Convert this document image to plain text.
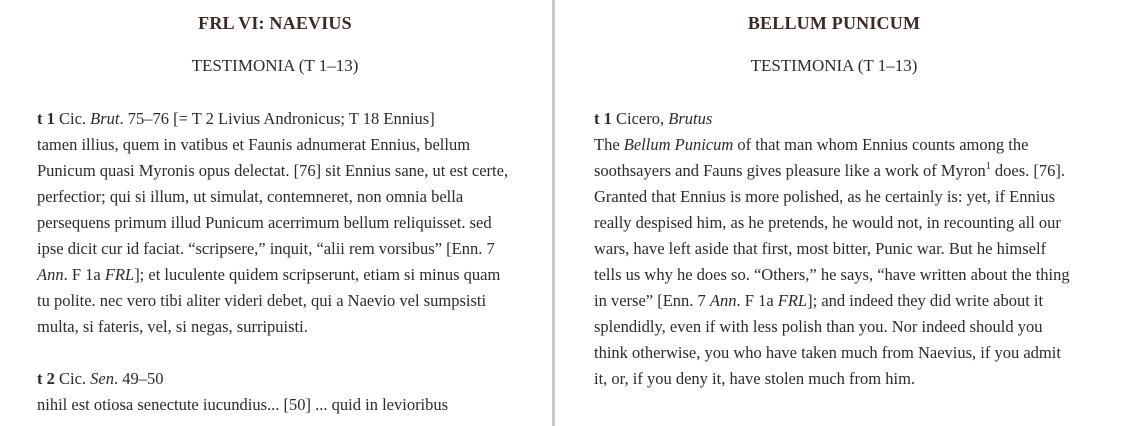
FRL VI: NAEVIUS
TESTIMONIA (T 1–13)

t 1 Cic. Brut. 75–76 [= T 2 Livius Andronicus; T 18 Ennius]

tamen illius, quem in vatibus et Faunis adnumerat Ennius, bellum Punicum quasi Myronis opus delectat. [76] sit Ennius sane, ut est certe, perfectior; qui si illum, ut simulat, contemneret, non omnia bella persequens primum illud Punicum acerrimum bellum reliquisset. sed ipse dicit cur id faciat. “scripsere,” inquit, “alii rem vorsibus” [Enn. 7 Ann. F 1a FRL]; et luculente quidem scripserunt, etiam si minus quam tu polite. nec vero tibi aliter videri debet, qui a Naevio vel sumpsisti multa, si fateris, vel, si negas, surripuisti.

t 2 Cic. Sen. 49–50

nihil est otiosa senectute iucundius... [50] ... quid in levioribus

BELLUM PUNICUM
TESTIMONIA (T 1–13)

t 1 Cicero, Brutus

The Bellum Punicum of that man whom Ennius counts among the soothsayers and Fauns gives pleasure like a work of Myron$^1$ does. [76]. Granted that Ennius is more polished, as he certainly is: yet, if Ennius really despised him, as he pretends, he would not, in recounting all our wars, have left aside that first, most bitter, Punic war. But he himself tells us why he does so. “Others,” he says, “have written about the thing in verse” [Enn. 7 Ann. F 1a FRL]; and indeed they did write about it splendidly, even if with less polish than you. Nor indeed should you think otherwise, you who have taken much from Naevius, if you admit it, or, if you deny it, have stolen much from him.
